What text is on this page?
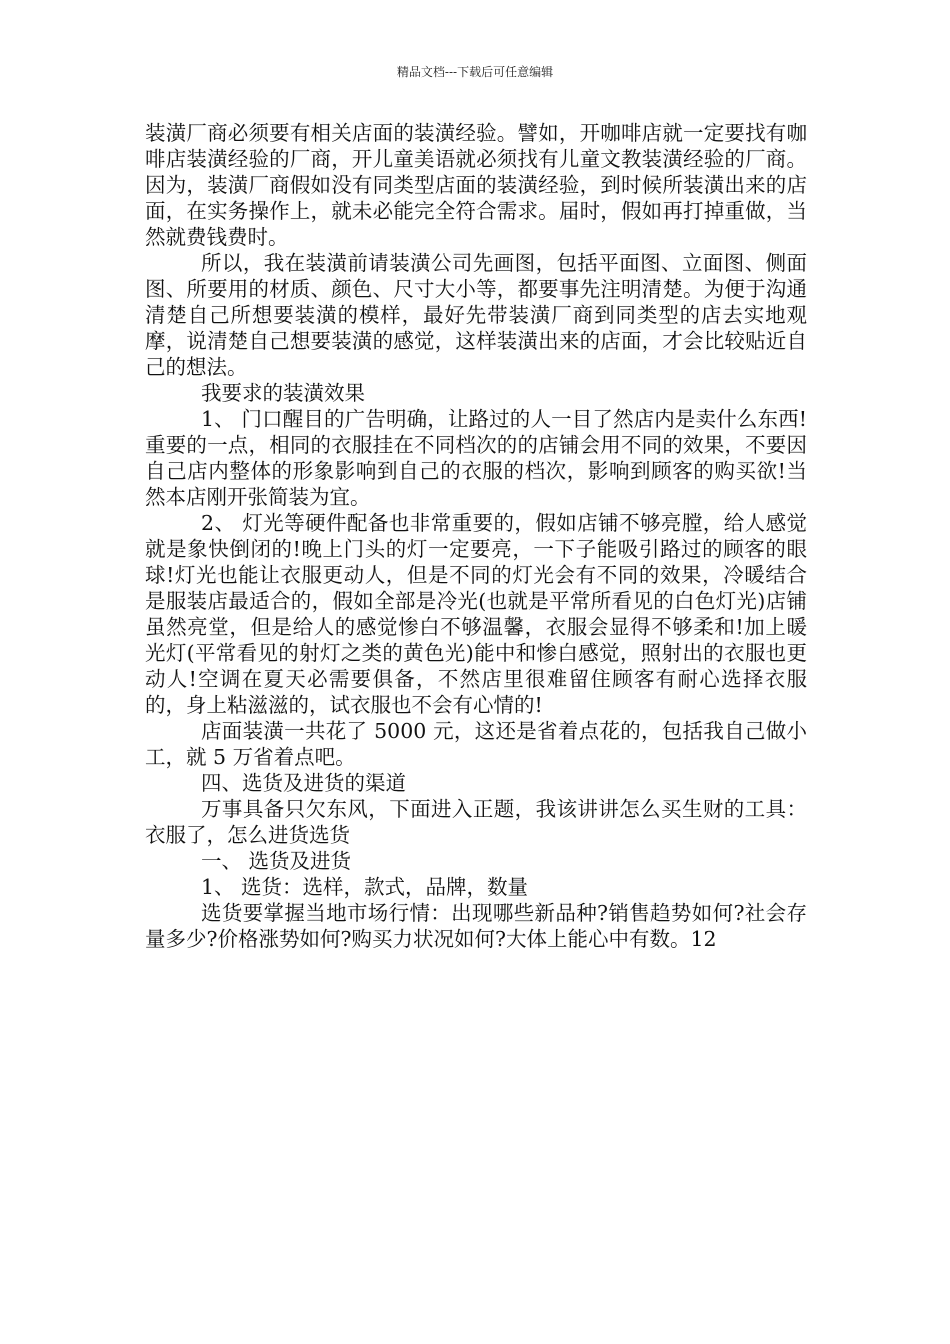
精品文档---下载后可任意编辑

装潢厂商必须要有相关店面的装潢经验。譬如，开咖啡店就一定要找有咖啡店装潢经验的厂商，开儿童美语就必须找有儿童文教装潢经验的厂商。因为，装潢厂商假如没有同类型店面的装潢经验，到时候所装潢出来的店面，在实务操作上，就未必能完全符合需求。届时，假如再打掉重做，当然就费钱费时。

所以，我在装潢前请装潢公司先画图，包括平面图、立面图、侧面图、所要用的材质、颜色、尺寸大小等，都要事先注明清楚。为便于沟通清楚自己所想要装潢的模样，最好先带装潢厂商到同类型的店去实地观摩，说清楚自己想要装潢的感觉，这样装潢出来的店面，才会比较贴近自己的想法。

我要求的装潢效果

1、 门口醒目的广告明确，让路过的人一目了然店内是卖什么东西!重要的一点，相同的衣服挂在不同档次的的店铺会用不同的效果，不要因自己店内整体的形象影响到自己的衣服的档次，影响到顾客的购买欲!当然本店刚开张简装为宜。

2、 灯光等硬件配备也非常重要的，假如店铺不够亮膛，给人感觉就是象快倒闭的!晚上门头的灯一定要亮，一下子能吸引路过的顾客的眼球!灯光也能让衣服更动人，但是不同的灯光会有不同的效果，冷暖结合是服装店最适合的，假如全部是冷光(也就是平常所看见的白色灯光)店铺虽然亮堂，但是给人的感觉惨白不够温馨，衣服会显得不够柔和!加上暖光灯(平常看见的射灯之类的黄色光)能中和惨白感觉，照射出的衣服也更动人!空调在夏天必需要俱备，不然店里很难留住顾客有耐心选择衣服的，身上粘滋滋的，试衣服也不会有心情的!

店面装潢一共花了 5000 元，这还是省着点花的，包括我自己做小工，就 5 万省着点吧。

四、选货及进货的渠道

万事具备只欠东风，下面进入正题，我该讲讲怎么买生财的工具：衣服了，怎么进货选货

一、 选货及进货

1、 选货：选样，款式，品牌，数量

选货要掌握当地市场行情：出现哪些新品种?销售趋势如何?社会存量多少?价格涨势如何?购买力状况如何?大体上能心中有数。12
